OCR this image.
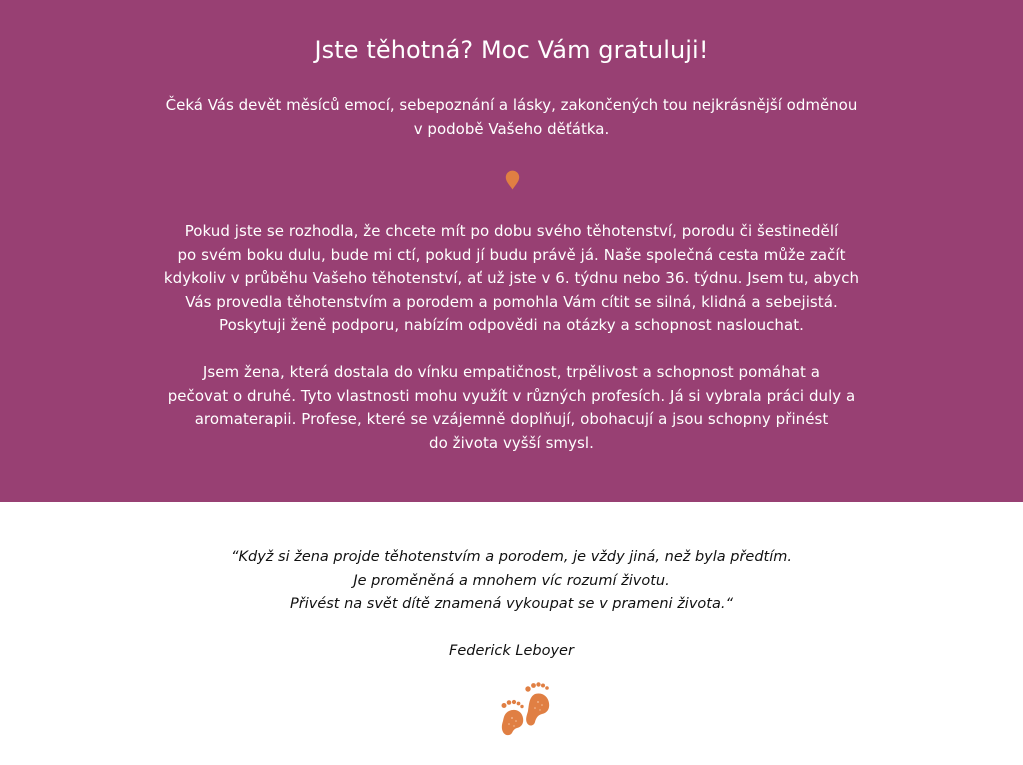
Jste těhotná? Moc Vám gratuluji!
Čeká Vás devět měsíců emocí, sebepoznání a lásky, zakončených tou nejkrásnější odměnou
v podobě Vašeho děťátka.
Pokud jste se rozhodla, že chcete mít po dobu svého těhotenství, porodu či šestinedělí
po svém boku dulu, bude mi ctí, pokud jí budu právě já. Naše společná cesta může začít
kdykoliv v průběhu Vašeho těhotenství, ať už jste v 6. týdnu nebo 36. týdnu. Jsem tu, abych
Vás provedla těhotenstvím a porodem a pomohla Vám cítit se silná, klidná a sebejistá.
Poskytuji ženě podporu, nabízím odpovědi na otázky a schopnost naslouchat.
Jsem žena, která dostala do vínku empatičnost, trpělivost a schopnost pomáhat a
pečovat o druhé. Tyto vlastnosti mohu využít v různých profesích. Já si vybrala práci duly a
aromaterapii. Profese, které se vzájemně doplňují, obohacují a jsou schopny přinést
do života vyšší smysl.
“Když si žena projde těhotenstvím a porodem, je vždy jiná, než byla předtím.
Je proměněná a mnohem víc rozumí životu.
Přivést na svět dítě znamená vykoupat se v prameni života.“
Federick Leboyer
